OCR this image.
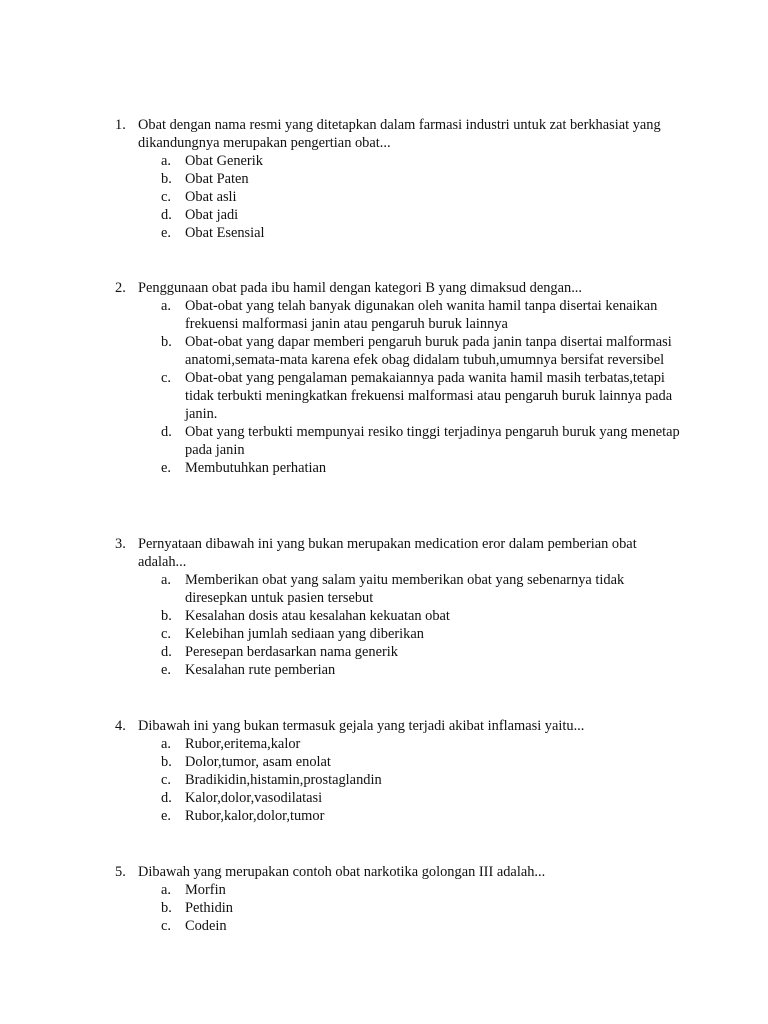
1. Obat dengan nama resmi yang ditetapkan dalam farmasi industri untuk zat berkhasiat yang dikandungnya merupakan pengertian obat...
a. Obat Generik
b. Obat Paten
c. Obat asli
d. Obat jadi
e. Obat Esensial
2. Penggunaan obat pada ibu hamil dengan kategori B yang dimaksud dengan...
a. Obat-obat yang telah banyak digunakan oleh wanita hamil tanpa disertai kenaikan frekuensi malformasi janin atau pengaruh buruk lainnya
b. Obat-obat yang dapar memberi pengaruh buruk pada janin tanpa disertai malformasi anatomi,semata-mata karena efek obag didalam tubuh,umumnya bersifat reversibel
c. Obat-obat yang pengalaman pemakaiannya pada wanita hamil masih terbatas,tetapi tidak terbukti meningkatkan frekuensi malformasi atau pengaruh buruk lainnya pada janin.
d. Obat yang terbukti mempunyai resiko tinggi terjadinya pengaruh buruk yang menetap pada janin
e. Membutuhkan perhatian
3. Pernyataan dibawah ini yang bukan merupakan medication eror dalam pemberian obat adalah...
a. Memberikan obat yang salam yaitu memberikan obat yang sebenarnya tidak diresepkan untuk pasien tersebut
b. Kesalahan dosis atau kesalahan kekuatan obat
c. Kelebihan jumlah sediaan yang diberikan
d. Peresepan berdasarkan nama generik
e. Kesalahan rute pemberian
4. Dibawah ini yang bukan termasuk gejala yang terjadi akibat inflamasi yaitu...
a. Rubor,eritema,kalor
b. Dolor,tumor, asam enolat
c. Bradikidin,histamin,prostaglandin
d. Kalor,dolor,vasodilatasi
e. Rubor,kalor,dolor,tumor
5. Dibawah yang merupakan contoh obat narkotika golongan III adalah...
a. Morfin
b. Pethidin
c. Codein
